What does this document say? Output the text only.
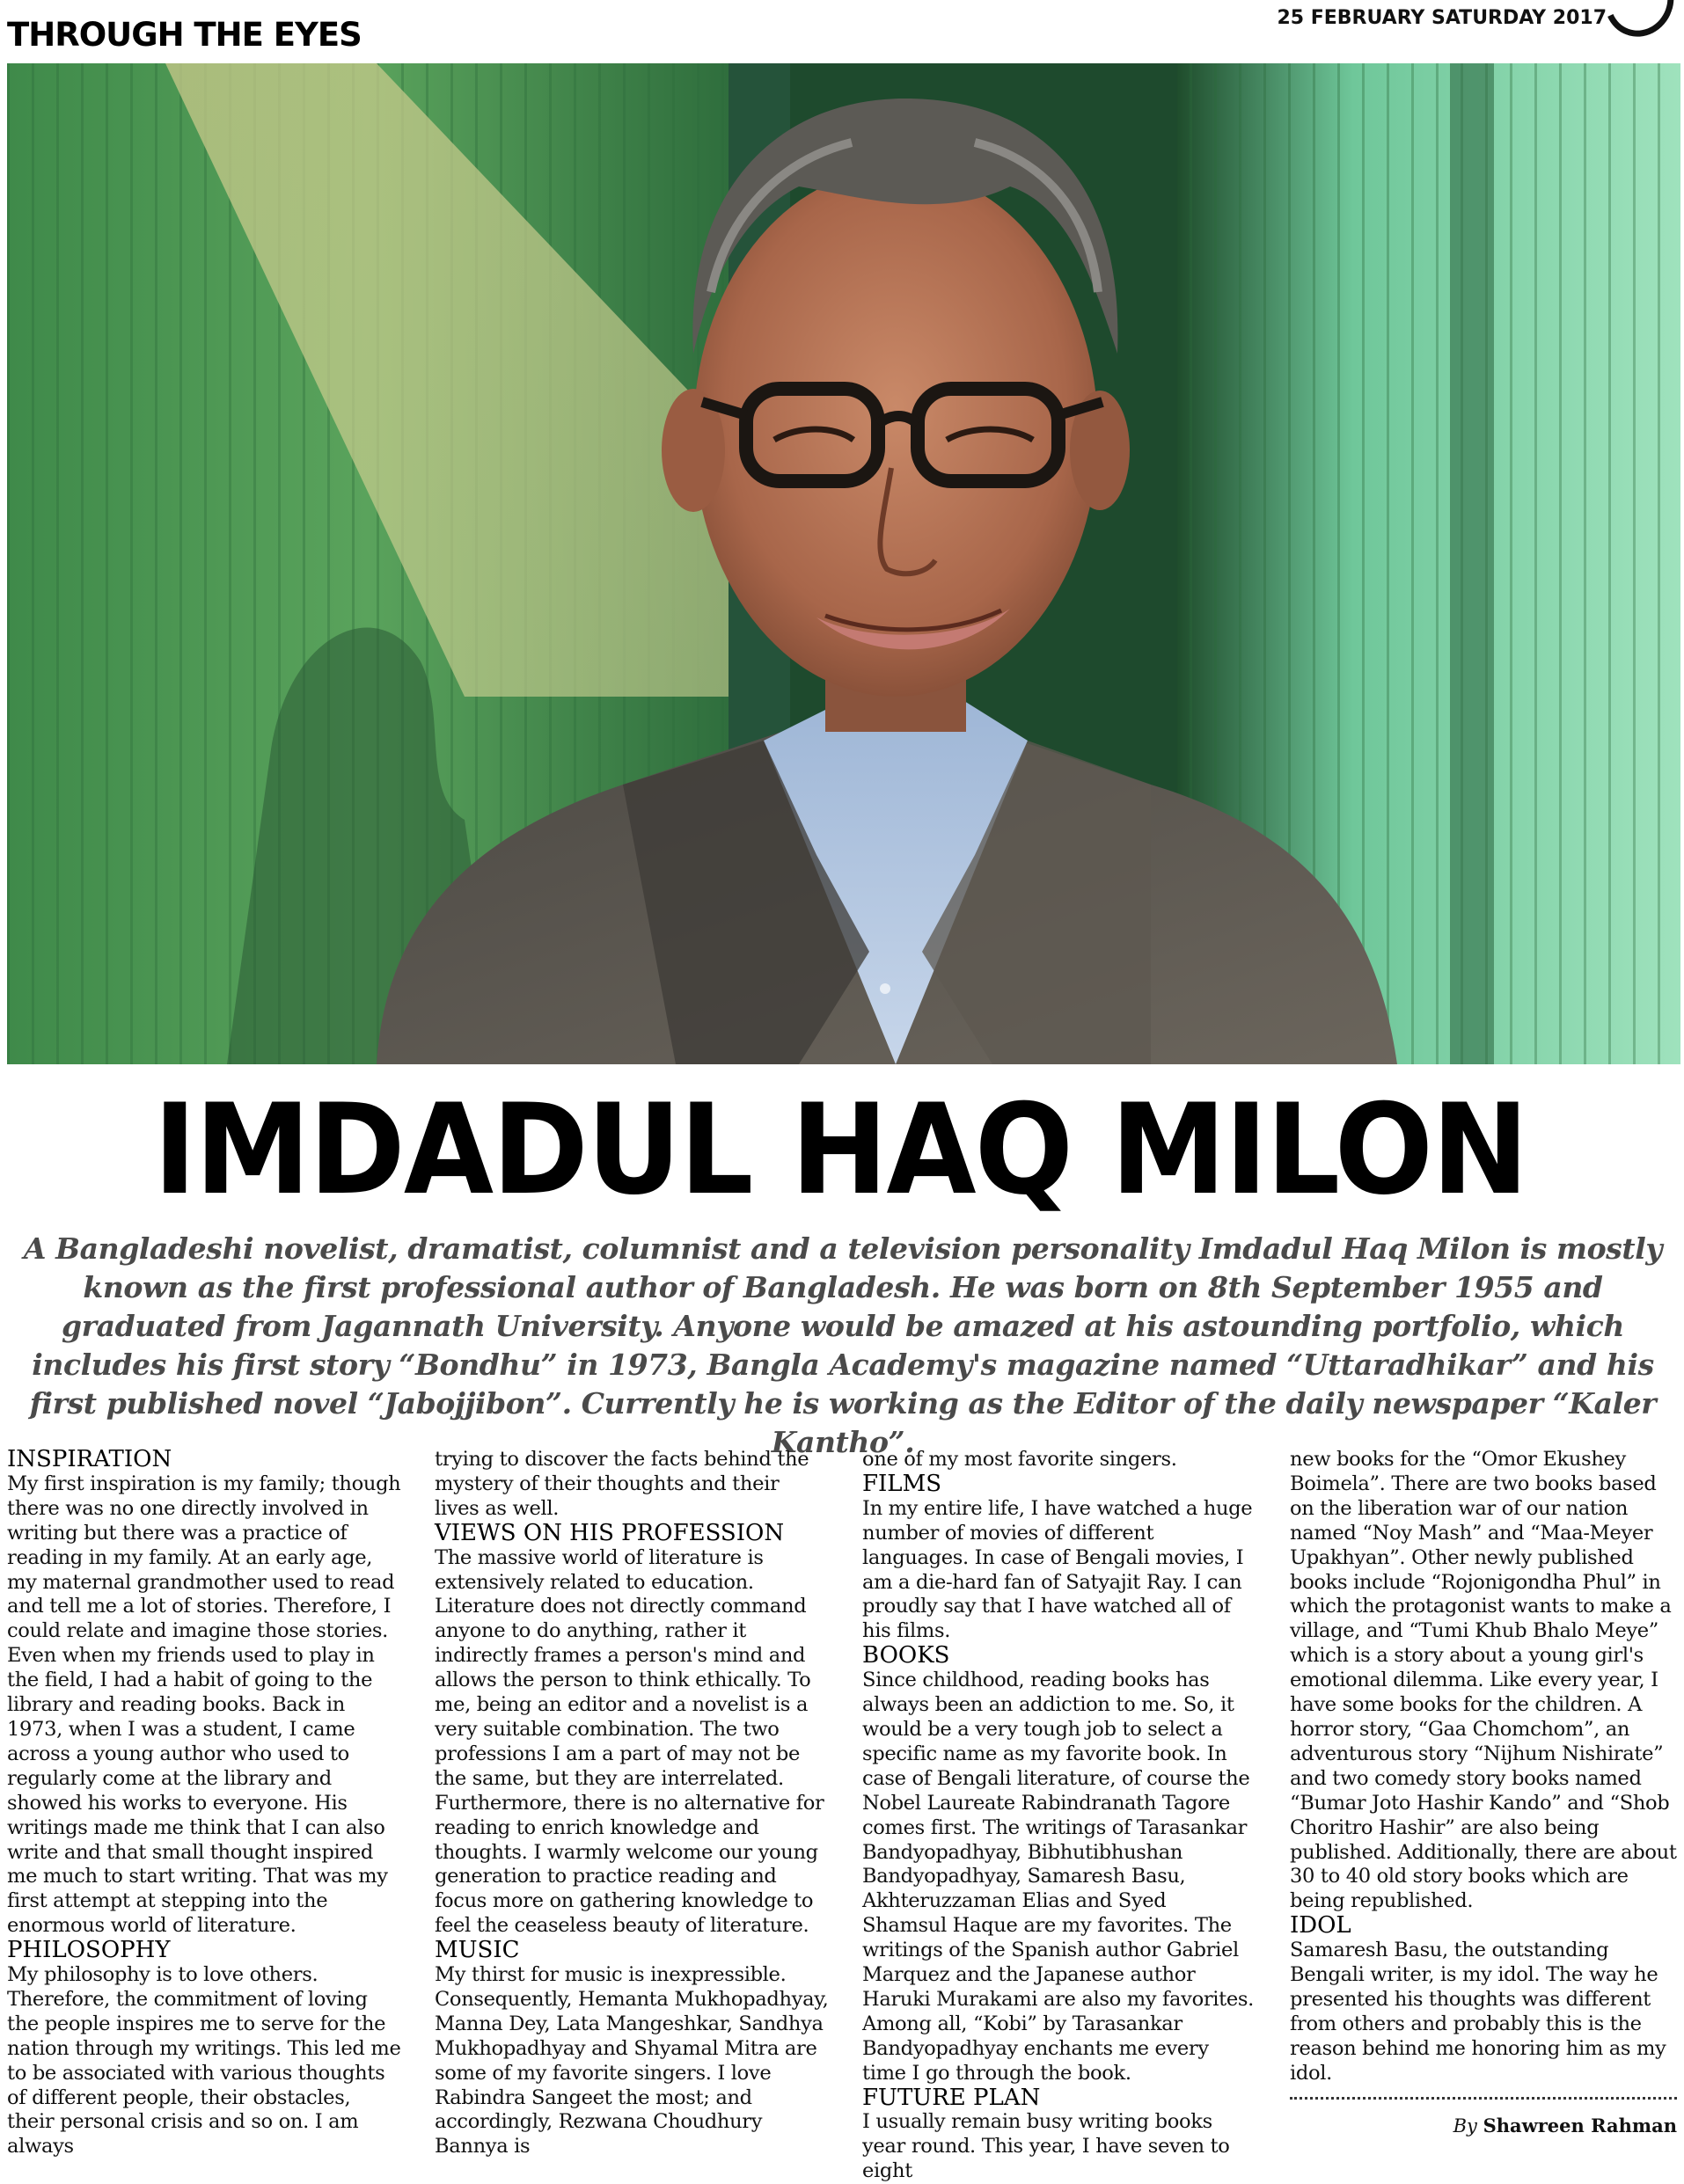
THROUGH THE EYES	25 FEBRUARY SATURDAY 2017
IMDADUL HAQ MILON
A Bangladeshi novelist, dramatist, columnist and a television personality Imdadul Haq Milon is mostly known as the first professional author of Bangladesh. He was born on 8th September 1955 and graduated from Jagannath University. Anyone would be amazed at his astounding portfolio, which includes his first story “Bondhu” in 1973, Bangla Academy's magazine named “Uttaradhikar” and his first published novel “Jabojjibon”. Currently he is working as the Editor of the daily newspaper “Kaler Kantho”.
INSPIRATION

My first inspiration is my family; though there was no one directly involved in writing but there was a practice of reading in my family. At an early age, my maternal grandmother used to read and tell me a lot of stories. Therefore, I could relate and imagine those stories. Even when my friends used to play in the field, I had a habit of going to the library and reading books. Back in 1973, when I was a student, I came across a young author who used to regularly come at the library and showed his works to everyone. His writings made me think that I can also write and that small thought inspired me much to start writing. That was my first attempt at stepping into the enormous world of literature.

PHILOSOPHY

My philosophy is to love others. Therefore, the commitment of loving the people inspires me to serve for the nation through my writings. This led me to be associated with various thoughts of different people, their obstacles, their personal crisis and so on. I am always

trying to discover the facts behind the mystery of their thoughts and their lives as well.

VIEWS ON HIS PROFESSION

The massive world of literature is extensively related to education. Literature does not directly command anyone to do anything, rather it indirectly frames a person's mind and allows the person to think ethically. To me, being an editor and a novelist is a very suitable combination. The two professions I am a part of may not be the same, but they are interrelated. Furthermore, there is no alternative for reading to enrich knowledge and thoughts. I warmly welcome our young generation to practice reading and focus more on gathering knowledge to feel the ceaseless beauty of literature.

MUSIC

My thirst for music is inexpressible. Consequently, Hemanta Mukhopadhyay, Manna Dey, Lata Mangeshkar, Sandhya Mukhopadhyay and Shyamal Mitra are some of my favorite singers. I love Rabindra Sangeet the most; and accordingly, Rezwana Choudhury Bannya is

one of my most favorite singers.

FILMS

In my entire life, I have watched a huge number of movies of different languages. In case of Bengali movies, I am a die-hard fan of Satyajit Ray. I can proudly say that I have watched all of his films.

BOOKS

Since childhood, reading books has always been an addiction to me. So, it would be a very tough job to select a specific name as my favorite book. In case of Bengali literature, of course the Nobel Laureate Rabindranath Tagore comes first. The writings of Tarasankar Bandyopadhyay, Bibhutibhushan Bandyopadhyay, Samaresh Basu, Akhteruzzaman Elias and Syed Shamsul Haque are my favorites. The writings of the Spanish author Gabriel Marquez and the Japanese author Haruki Murakami are also my favorites. Among all, “Kobi” by Tarasankar Bandyopadhyay enchants me every time I go through the book.

FUTURE PLAN

I usually remain busy writing books year round. This year, I have seven to eight

new books for the “Omor Ekushey Boimela”. There are two books based on the liberation war of our nation named “Noy Mash” and “Maa-Meyer Upakhyan”. Other newly published books include “Rojonigondha Phul” in which the protagonist wants to make a village, and “Tumi Khub Bhalo Meye” which is a story about a young girl's emotional dilemma. Like every year, I have some books for the children. A horror story, “Gaa Chomchom”, an adventurous story “Nijhum Nishirate” and two comedy story books named “Bumar Joto Hashir Kando” and “Shob Choritro Hashir” are also being published. Additionally, there are about 30 to 40 old story books which are being republished.

IDOL

Samaresh Basu, the outstanding Bengali writer, is my idol. The way he presented his thoughts was different from others and probably this is the reason behind me honoring him as my idol.

By Shawreen Rahman
